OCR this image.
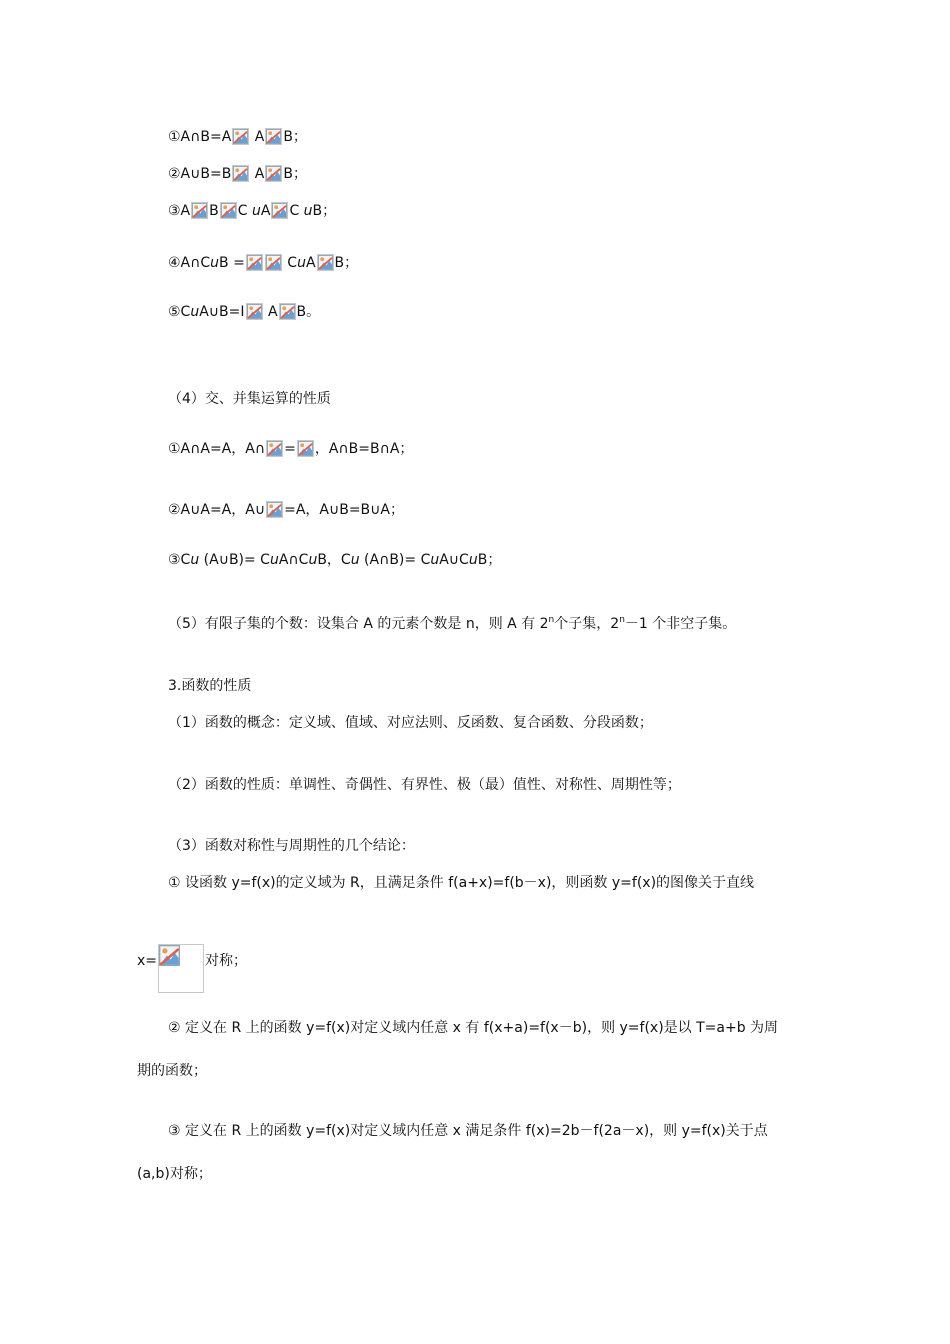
①A∩B=A A B；
②A∪B=B A B；
③A B C uA C uB；
④A∩CuB =	CuA B；
⑤CuA∪B=I A B。
（4）交、并集运算的性质
①A∩A=A，A∩ = ，A∩B=B∩A；
②A∪A=A，A∪ =A，A∪B=B∪A；
③Cu (A∪B)= CuA∩CuB，Cu (A∩B)= CuA∪CuB；
（5）有限子集的个数：设集合 A 的元素个数是 n，则 A 有 2$^n$个子集，$2^n-1$ 个非空子集。
3.函数的性质
（1）函数的概念：定义域、值域、对应法则、反函数、复合函数、分段函数；
（2）函数的性质：单调性、奇偶性、有界性、极（最）值性、对称性、周期性等；
（3）函数对称性与周期性的几个结论：
① 设函数 y=f(x)的定义域为 R，且满足条件 f(a+x)=f(b－x)，则函数 y=f(x)的图像关于直线
x=	对称；
② 定义在 R 上的函数 y=f(x)对定义域内任意 x 有 f(x+a)=f(x－b)，则 y=f(x)是以 T=a+b 为周
期的函数；
③ 定义在 R 上的函数 y=f(x)对定义域内任意 x 满足条件 f(x)=2b－f(2a－x)，则 y=f(x)关于点
(a,b)对称；
